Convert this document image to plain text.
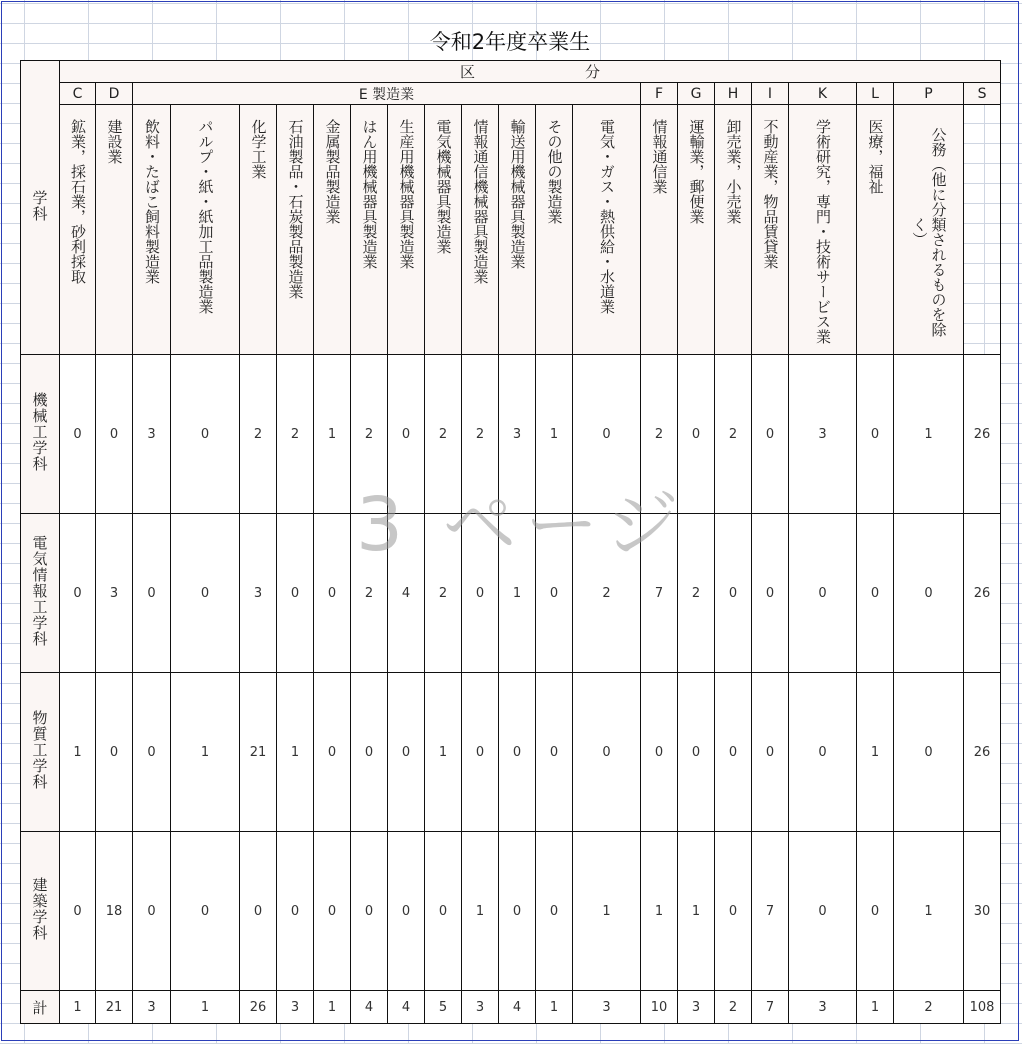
令和2年度卒業生
学科	区 分																						
	C	D	E 製造業												F	G	H	I	K	L	P	S	
	鉱業，採石業，砂利採取	建設業	飲料・たばこ飼料製造業	パルプ・紙・紙加工品製造業	化学工業	石油製品・石炭製品製造業	金属製品製造業	はん用機械器具製造業	生産用機械器具製造業	電気機械器具製造業	情報通信機械器具製造業	輸送用機械器具製造業	その他の製造業	電気・ガス・熱供給・水道業	情報通信業	運輸業，郵便業	卸売業，小売業	不動産業，物品賃貸業	学術研究，専門・技術サービス業	医療，福祉	公務（他に分類されるものを除く）		
機械工学科	0	0	3	0	2	2	1	2	0	2	2	3	1	0	2	0	2	0	3	0	1	26	
電気情報工学科	0	3	0	0	3	0	0	2	4	2	0	1	0	2	7	2	0	0	0	0	0	26	
物質工学科	1	0	0	1	21	1	0	0	0	1	0	0	0	0	0	0	0	0	0	1	0	26	
建築学科	0	18	0	0	0	0	0	0	0	0	1	0	0	1	1	1	0	7	0	0	1	30	
計	1	21	3	1	26	3	1	4	4	5	3	4	1	3	10	3	2	7	3	1	2	108	
3 ページ
